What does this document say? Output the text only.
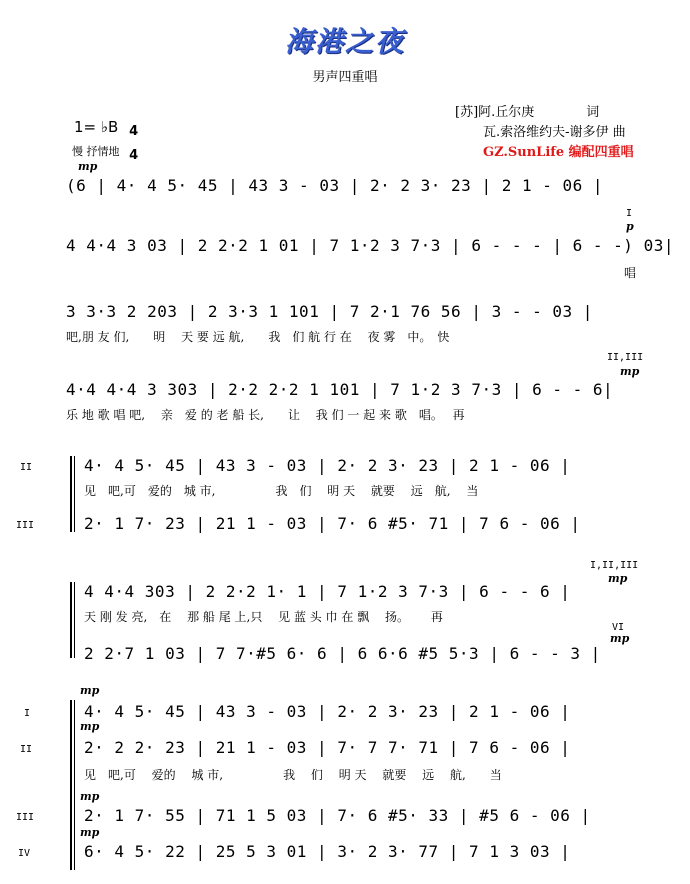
海港之夜
男声四重唱
[苏]阿.丘尔庚　　　　词
瓦.索洛维约夫-谢多伊 曲
GZ.SunLife 编配四重唱
1= ♭B 4

4

慢 抒情地
mp
(6 | 4· 4 5· 45 | 43 3 - 03 | 2· 2 3· 23 | 2 1 - 06 |
I
p
4 4·4 3 03 | 2 2·2 1 01 | 7 1·2 3 7·3 | 6 - - - | 6 - -) 03|
唱
3 3·3 2 203 | 2 3·3 1 101 | 7 2·1 76 56 | 3 - - 03 |
吧,朋 友 们,　　明　 天 要 远 航,　　我　们 航 行 在　 夜 雾　中。　快
II,III
mp
4·4 4·4 3 303 | 2·2 2·2 1 101 | 7 1·2 3 7·3 | 6 - - 6|
乐 地 歌 唱 吧,　 亲　爱 的 老 船 长,　　让　 我 们 一 起 来 歌　唱。　 再
II	4· 4 5· 45 | 43 3 - 03 | 2· 2 3· 23 | 2 1 - 06 |
见　吧,可　爱的　城 市,　　　　　我　们　 明 天　 就要　 远　航,　 当
III	2· 1 7· 23 | 21 1 - 03 | 7· 6 #5· 71 | 7 6 - 06 |
I,II,III
mp
4 4·4 303 | 2 2·2 1· 1 | 7 1·2 3 7·3 | 6 - - 6 |
天 刚 发 亮,　在　 那 船 尾 上,只　 见 蓝 头 巾 在 飘　 扬。　　 再
VI
mp
2 2·7 1 03 | 7 7·#5 6· 6 | 6 6·6 #5 5·3 | 6 - - 3 |
mp
I	4· 4 5· 45 | 43 3 - 03 | 2· 2 3· 23 | 2 1 - 06 |
mp
II	2· 2 2· 23 | 21 1 - 03 | 7· 7 7· 71 | 7 6 - 06 |
见　吧,可　 爱的　 城 市,　　　　　我　 们　 明 天　 就要　 远　 航,　　当
mp
III	2· 1 7· 55 | 71 1 5 03 | 7· 6 #5· 33 | #5 6 - 06 |
mp
IV	6· 4 5· 22 | 25 5 3 01 | 3· 2 3· 77 | 7 1 3 03 |
